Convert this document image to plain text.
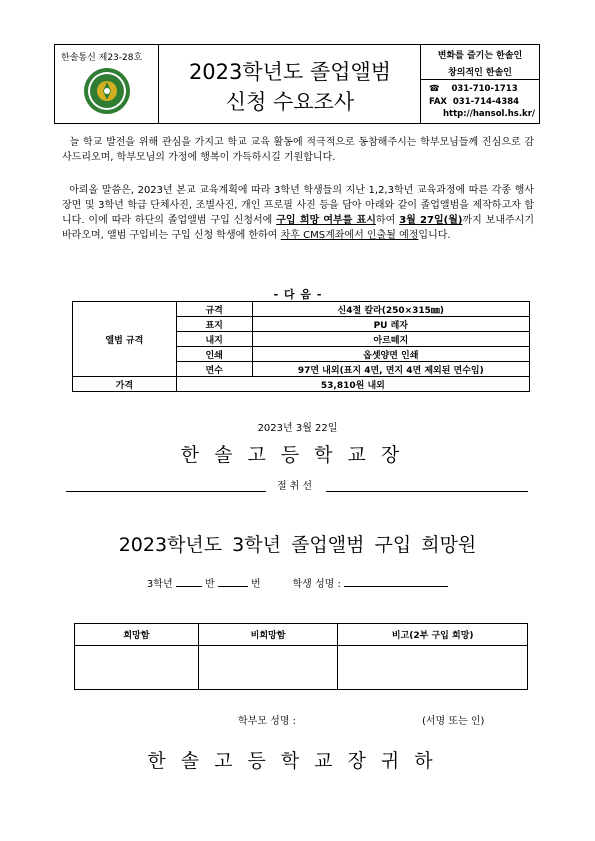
한솔통신 제23-28호
2023학년도 졸업앨범
신청 수요조사
변화를 즐기는 한솔인
창의적인 한솔인
☎ 031-710-1713
FAX 031-714-4384
http://hansol.hs.kr/
늘 학교 발전을 위해 관심을 가지고 학교 교육 활동에 적극적으로 동참해주시는 학부모님들께 진심으로 감사드리오며, 학부모님의 가정에 행복이 가득하시길 기원합니다.
아뢰올 말씀은, 2023년 본교 교육계획에 따라 3학년 학생들의 지난 1,2,3학년 교육과정에 따른 각종 행사 장면 및 3학년 학급 단체사진, 조별사진, 개인 프로필 사진 등을 담아 아래와 같이 졸업앨범을 제작하고자 합니다. 이에 따라 하단의 졸업앨범 구입 신청서에 구입 희망 여부를 표시하여 3월 27일(월)까지 보내주시기 바라오며, 앨범 구입비는 구입 신청 학생에 한하여 차후 CMS계좌에서 인출될 예정입니다.
- 다 음 -
앨범 규격	규격	신4절 칼라(250×315㎜)
	표지	PU 레자
	내지	아르떼지
	인쇄	옵셋양면 인쇄
	면수	97면 내외(표지 4면, 면지 4면 제외된 면수임)
가격	53,810원 내외	
2023년 3월 22일
한솔고등학교장
절취선
2023학년도 3학년 졸업앨범 구입 희망원
3학년	반	번	학생 성명 :
희망함	비희망함	비고(2부 구입 희망)

학부모 성명 :	(서명 또는 인)
한솔고등학교장귀하
